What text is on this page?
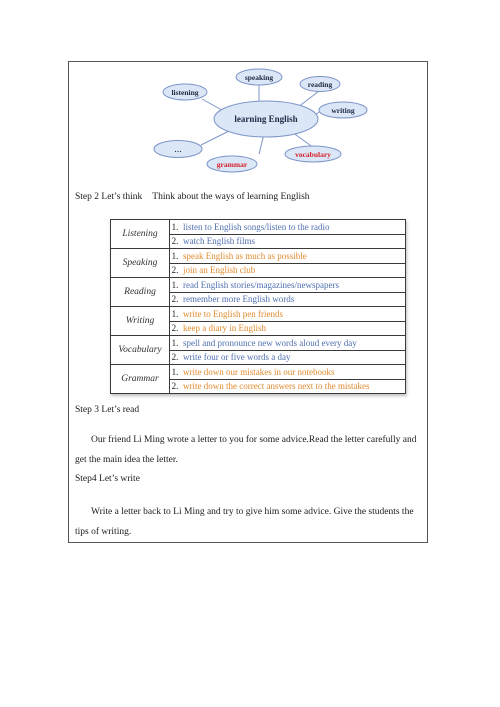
learning English
speaking
reading
listening
writing
…
grammar
vocabulary
Step 2 Let’s think Think about the ways of learning English
Listening	1.	listen to English songs/listen to the radio
	2.	watch English films
Speaking	1.	speak English as much as possible
	2.	join an English club
Reading	1.	read English stories/magazines/newspapers
	2.	remember more English words
Writing	1.	write to English pen friends
	2.	keep a diary in English
Vocabulary	1.	spell and pronounce new words aloud every day
	2.	write four or five words a day
Grammar	1.	write down our mistakes in our notebooks
	2.	write down the correct answers next to the mistakes
Step 3 Let’s read
Our friend Li Ming wrote a letter to you for some advice.Read the letter carefully and get the main idea the letter.
Step4 Let’s write
Write a letter back to Li Ming and try to give him some advice. Give the students the tips of writing.
